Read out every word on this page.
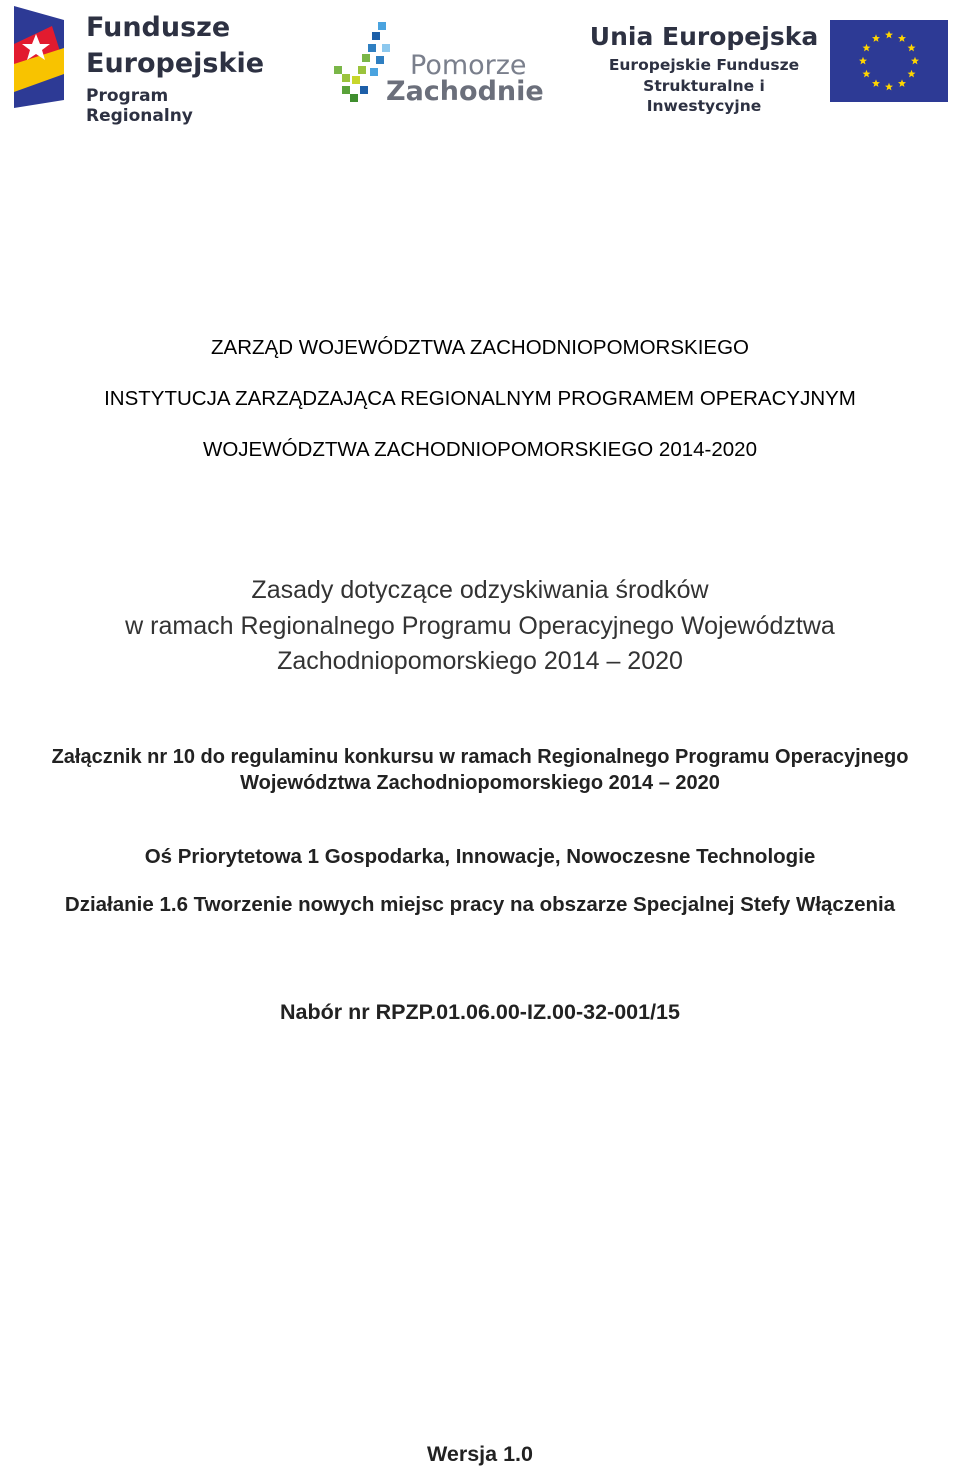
Fundusze
Europejskie
Program Regionalny
Pomorze
Zachodnie
Unia Europejska
Europejskie Fundusze
Strukturalne i Inwestycyjne
ZARZĄD WOJEWÓDZTWA ZACHODNIOPOMORSKIEGO
INSTYTUCJA ZARZĄDZAJĄCA REGIONALNYM PROGRAMEM OPERACYJNYM
WOJEWÓDZTWA ZACHODNIOPOMORSKIEGO 2014-2020
Zasady dotyczące odzyskiwania środków
w ramach Regionalnego Programu Operacyjnego Województwa
Zachodniopomorskiego 2014 – 2020
Załącznik nr 10 do regulaminu konkursu w ramach Regionalnego Programu Operacyjnego
Województwa Zachodniopomorskiego 2014 – 2020
Oś Priorytetowa 1 Gospodarka, Innowacje, Nowoczesne Technologie
Działanie 1.6 Tworzenie nowych miejsc pracy na obszarze Specjalnej Stefy Włączenia
Nabór nr RPZP.01.06.00-IZ.00-32-001/15
Wersja 1.0
